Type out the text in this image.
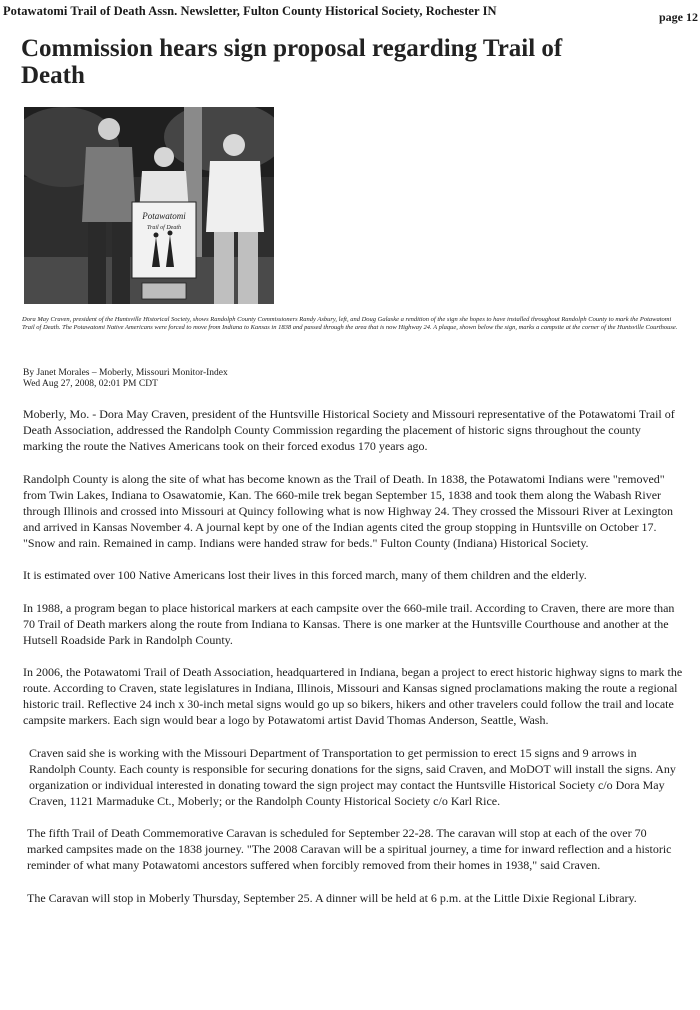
Potawatomi Trail of Death Assn. Newsletter, Fulton County Historical Society, Rochester IN	page 12
Commission hears sign proposal regarding Trail of Death
Potawatomi
Trail of Death
Dora May Craven, president of the Huntsville Historical Society, shows Randolph County Commissioners Randy Asbury, left, and Doug Galaske a rendition of the sign she hopes to have installed throughout Randolph County to mark the Potawatomi Trail of Death. The Potawatomi Native Americans were forced to move from Indiana to Kansas in 1838 and passed through the area that is now Highway 24. A plaque, shown below the sign, marks a campsite at the corner of the Huntsville Courthouse.
By Janet Morales – Moberly, Missouri Monitor-Index
Wed Aug 27, 2008, 02:01 PM CDT

Moberly, Mo. - Dora May Craven, president of the Huntsville Historical Society and Missouri representative of the Potawatomi Trail of Death Association, addressed the Randolph County Commission regarding the placement of historic signs throughout the county marking the route the Natives Americans took on their forced exodus 170 years ago.

Randolph County is along the site of what has become known as the Trail of Death. In 1838, the Potawatomi Indians were "removed" from Twin Lakes, Indiana to Osawatomie, Kan. The 660-mile trek began September 15, 1838 and took them along the Wabash River through Illinois and crossed into Missouri at Quincy following what is now Highway 24. They crossed the Missouri River at Lexington and arrived in Kansas November 4. A journal kept by one of the Indian agents cited the group stopping in Huntsville on October 17. "Snow and rain. Remained in camp. Indians were handed straw for beds." Fulton County (Indiana) Historical Society.

It is estimated over 100 Native Americans lost their lives in this forced march, many of them children and the elderly.

In 1988, a program began to place historical markers at each campsite over the 660-mile trail. According to Craven, there are more than 70 Trail of Death markers along the route from Indiana to Kansas. There is one marker at the Huntsville Courthouse and another at the Hutsell Roadside Park in Randolph County.

In 2006, the Potawatomi Trail of Death Association, headquartered in Indiana, began a project to erect historic highway signs to mark the route. According to Craven, state legislatures in Indiana, Illinois, Missouri and Kansas signed proclamations making the route a regional historic trail. Reflective 24 inch x 30-inch metal signs would go up so bikers, hikers and other travelers could follow the trail and locate campsite markers. Each sign would bear a logo by Potawatomi artist David Thomas Anderson, Seattle, Wash.

Craven said she is working with the Missouri Department of Transportation to get permission to erect 15 signs and 9 arrows in Randolph County. Each county is responsible for securing donations for the signs, said Craven, and MoDOT will install the signs. Any organization or individual interested in donating toward the sign project may contact the Huntsville Historical Society c/o Dora May Craven, 1121 Marmaduke Ct., Moberly; or the Randolph County Historical Society c/o Karl Rice.

The fifth Trail of Death Commemorative Caravan is scheduled for September 22-28. The caravan will stop at each of the over 70 marked campsites made on the 1838 journey. "The 2008 Caravan will be a spiritual journey, a time for inward reflection and a historic reminder of what many Potawatomi ancestors suffered when forcibly removed from their homes in 1938," said Craven.

The Caravan will stop in Moberly Thursday, September 25. A dinner will be held at 6 p.m. at the Little Dixie Regional Library.
